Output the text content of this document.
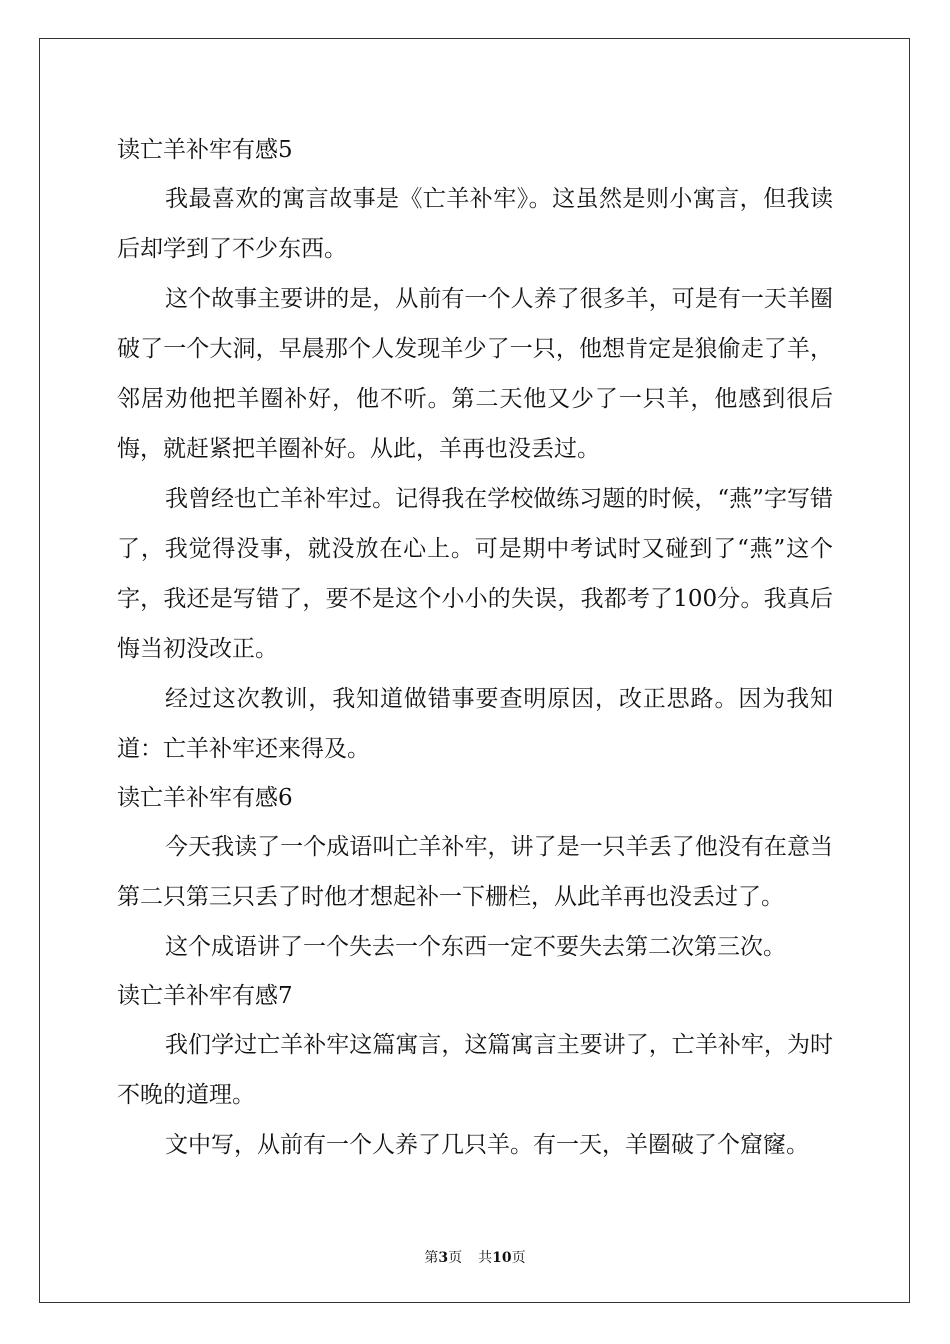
读亡羊补牢有感5

我最喜欢的寓言故事是《亡羊补牢》。这虽然是则小寓言，但我读后却学到了不少东西。

这个故事主要讲的是，从前有一个人养了很多羊，可是有一天羊圈破了一个大洞，早晨那个人发现羊少了一只，他想肯定是狼偷走了羊，邻居劝他把羊圈补好，他不听。第二天他又少了一只羊，他感到很后悔，就赶紧把羊圈补好。从此，羊再也没丢过。

我曾经也亡羊补牢过。记得我在学校做练习题的时候，“燕”字写错了，我觉得没事，就没放在心上。可是期中考试时又碰到了“燕”这个字，我还是写错了，要不是这个小小的失误，我都考了100分。我真后悔当初没改正。

经过这次教训，我知道做错事要查明原因，改正思路。因为我知道：亡羊补牢还来得及。

读亡羊补牢有感6

今天我读了一个成语叫亡羊补牢，讲了是一只羊丢了他没有在意当第二只第三只丢了时他才想起补一下栅栏，从此羊再也没丢过了。

这个成语讲了一个失去一个东西一定不要失去第二次第三次。

读亡羊补牢有感7

我们学过亡羊补牢这篇寓言，这篇寓言主要讲了，亡羊补牢，为时不晚的道理。

文中写，从前有一个人养了几只羊。有一天，羊圈破了个窟窿。

第3页 共10页
